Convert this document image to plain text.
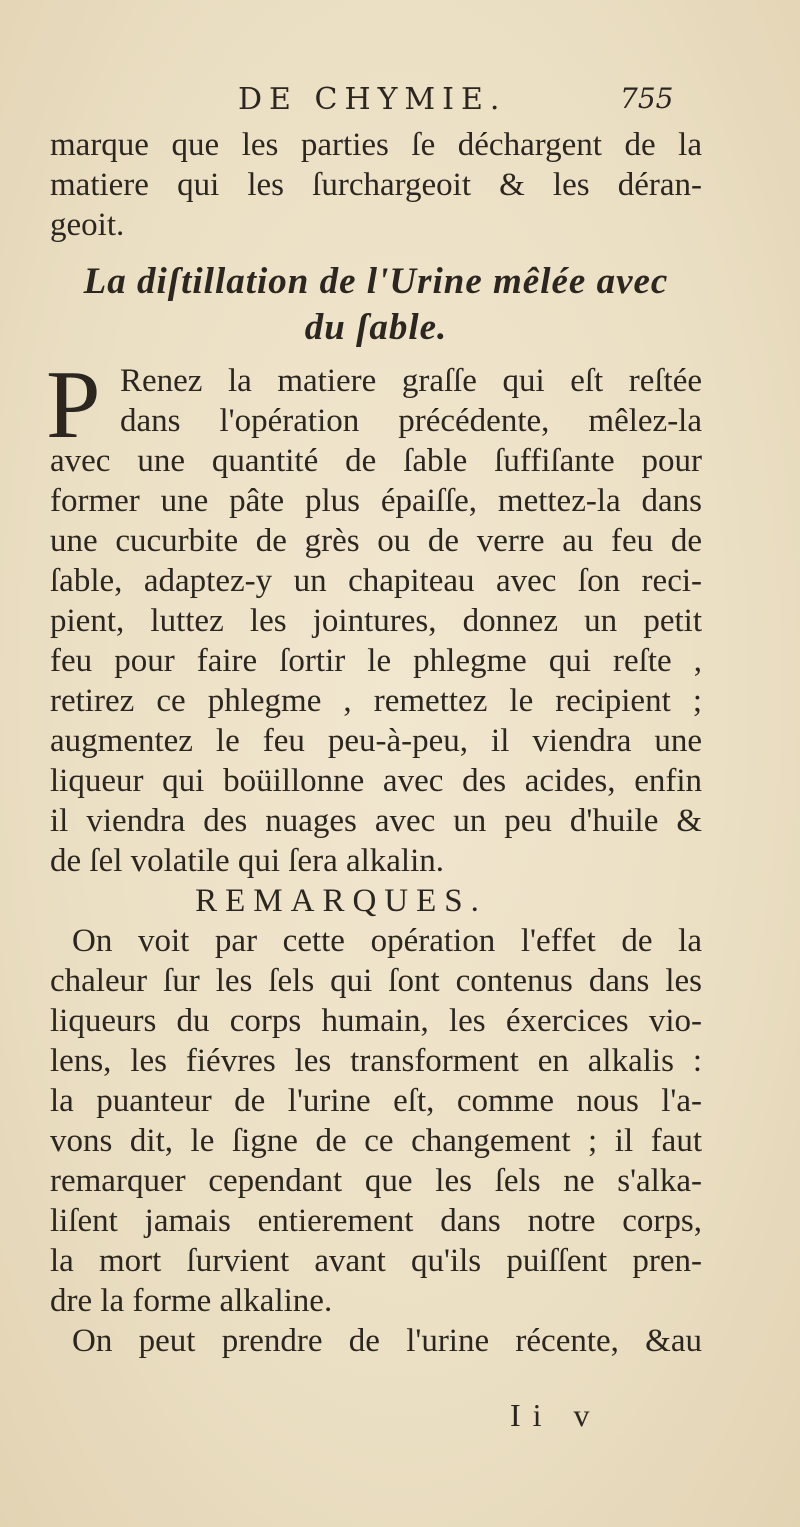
DE CHYMIE.	755
marque que les parties ſe déchargent de la
matiere qui les ſurchargeoit & les déran-
geoit.
La diſtillation de l'Urine mêlée avec
du ſable.
P Renez la matiere graſſe qui eſt reſtée
dans l'opération précédente, mêlez-la
avec une quantité de ſable ſuffiſante pour
former une pâte plus épaiſſe, mettez-la dans
une cucurbite de grès ou de verre au feu de
ſable, adaptez-y un chapiteau avec ſon reci-
pient, luttez les jointures, donnez un petit
feu pour faire ſortir le phlegme qui reſte ,
retirez ce phlegme , remettez le recipient ;
augmentez le feu peu-à-peu, il viendra une
liqueur qui boüillonne avec des acides, enfin
il viendra des nuages avec un peu d'huile &
de ſel volatile qui ſera alkalin.
REMARQUES.
On voit par cette opération l'effet de la
chaleur ſur les ſels qui ſont contenus dans les
liqueurs du corps humain, les éxercices vio-
lens, les fiévres les transforment en alkalis :
la puanteur de l'urine eſt, comme nous l'a-
vons dit, le ſigne de ce changement ; il faut
remarquer cependant que les ſels ne s'alka-
liſent jamais entierement dans notre corps,
la mort ſurvient avant qu'ils puiſſent pren-
dre la forme alkaline.
On peut prendre de l'urine récente, &au
Ii v
